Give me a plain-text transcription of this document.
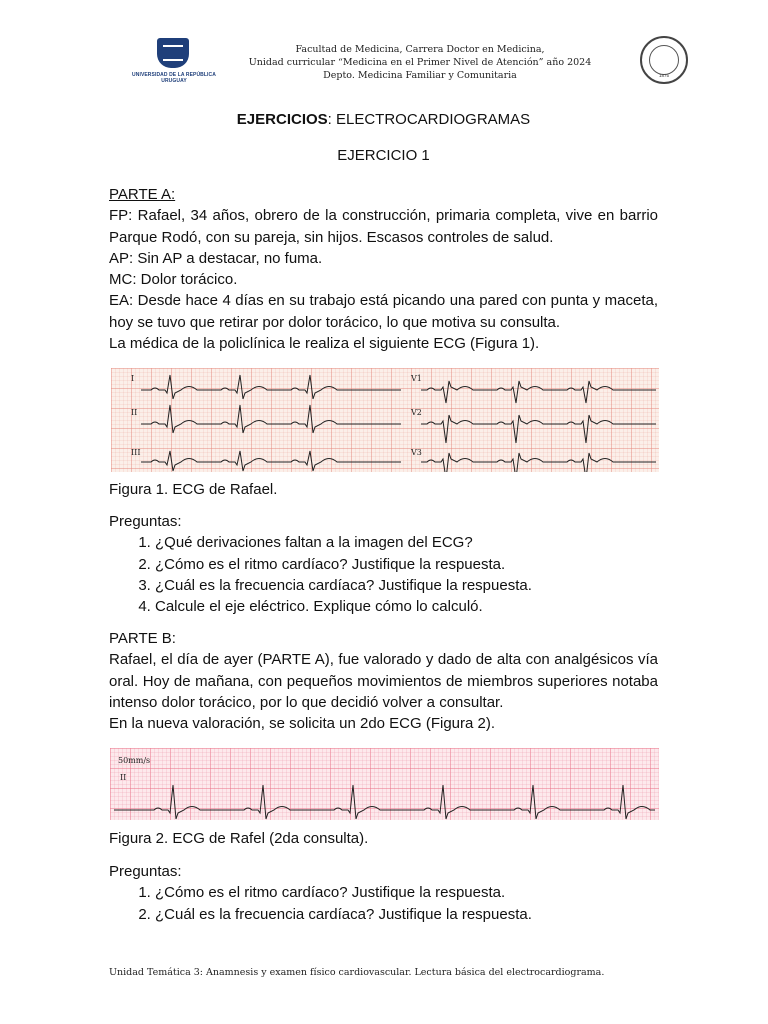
UNIVERSIDAD DE LA REPÚBLICA URUGUAY
Facultad de Medicina, Carrera Doctor en Medicina,
Unidad curricular “Medicina en el Primer Nivel de Atención” año 2024
Depto. Medicina Familiar y Comunitaria	1875
EJERCICIOS: ELECTROCARDIOGRAMAS
EJERCICIO 1
PARTE A:
FP: Rafael, 34 años, obrero de la construcción, primaria completa, vive en barrio Parque Rodó, con su pareja, sin hijos. Escasos controles de salud.
AP: Sin AP a destacar, no fuma.
MC: Dolor torácico.
EA: Desde hace 4 días en su trabajo está picando una pared con punta y maceta, hoy se tuvo que retirar por dolor torácico, lo que motiva su consulta.
La médica de la policlínica le realiza el siguiente ECG (Figura 1).
I
II
III
V1
V2
V3
Figura 1. ECG de Rafael.
Preguntas:
1. ¿Qué derivaciones faltan a la imagen del ECG?
2. ¿Cómo es el ritmo cardíaco? Justifique la respuesta.
3. ¿Cuál es la frecuencia cardíaca? Justifique la respuesta.
4. Calcule el eje eléctrico. Explique cómo lo calculó.
PARTE B:
Rafael, el día de ayer (PARTE A), fue valorado y dado de alta con analgésicos vía oral. Hoy de mañana, con pequeños movimientos de miembros superiores notaba intenso dolor torácico, por lo que decidió volver a consultar.
En la nueva valoración, se solicita un 2do ECG (Figura 2).
50mm/s
II
Figura 2. ECG de Rafel (2da consulta).
Preguntas:
1. ¿Cómo es el ritmo cardíaco? Justifique la respuesta.
2. ¿Cuál es la frecuencia cardíaca? Justifique la respuesta.
Unidad Temática 3: Anamnesis y examen físico cardiovascular. Lectura básica del electrocardiograma.
